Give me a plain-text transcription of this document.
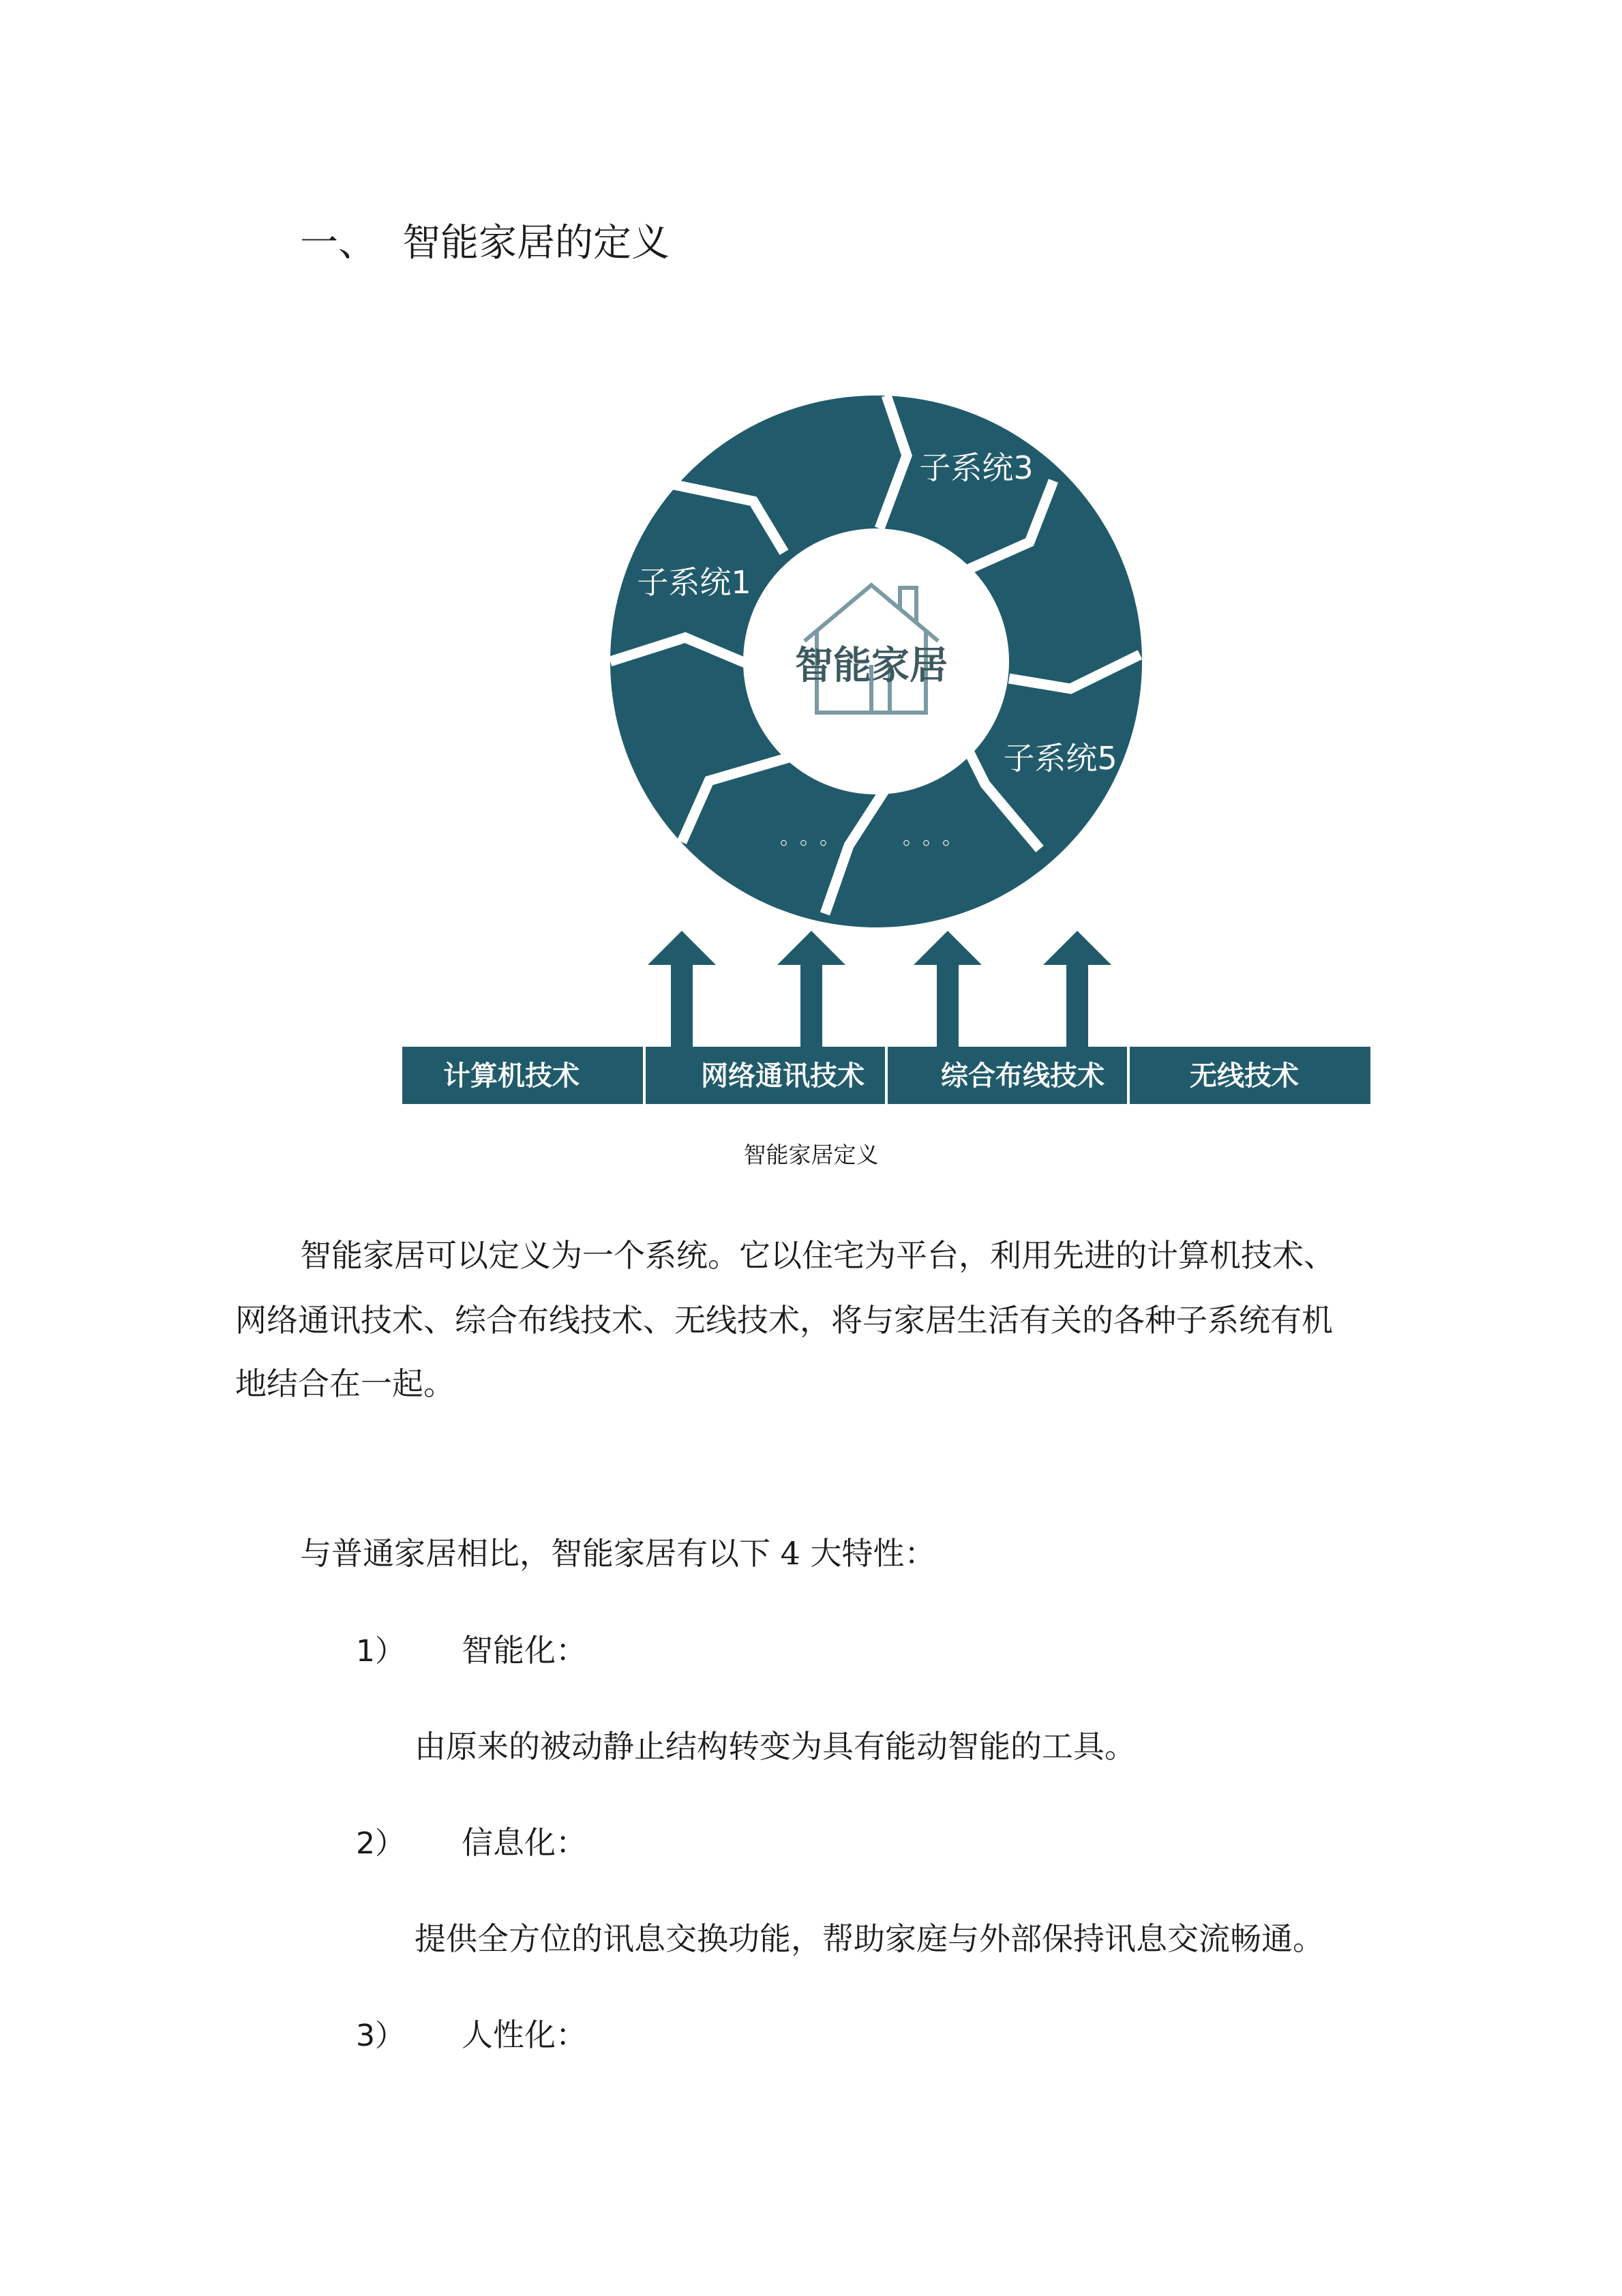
一、 智能家居的定义
智能家居
子系统3
子系统1
子系统5
。。。	。。。
计算机技术	网络通讯技术	综合布线技术	无线技术
智能家居定义
智能家居可以定义为一个系统。它以住宅为平台，利用先进的计算机技术、
网络通讯技术、综合布线技术、无线技术，将与家居生活有关的各种子系统有机
地结合在一起。
与普通家居相比，智能家居有以下 4 大特性：
1） 智能化：
由原来的被动静止结构转变为具有能动智能的工具。
2） 信息化：
提供全方位的讯息交换功能，帮助家庭与外部保持讯息交流畅通。
3） 人性化：
